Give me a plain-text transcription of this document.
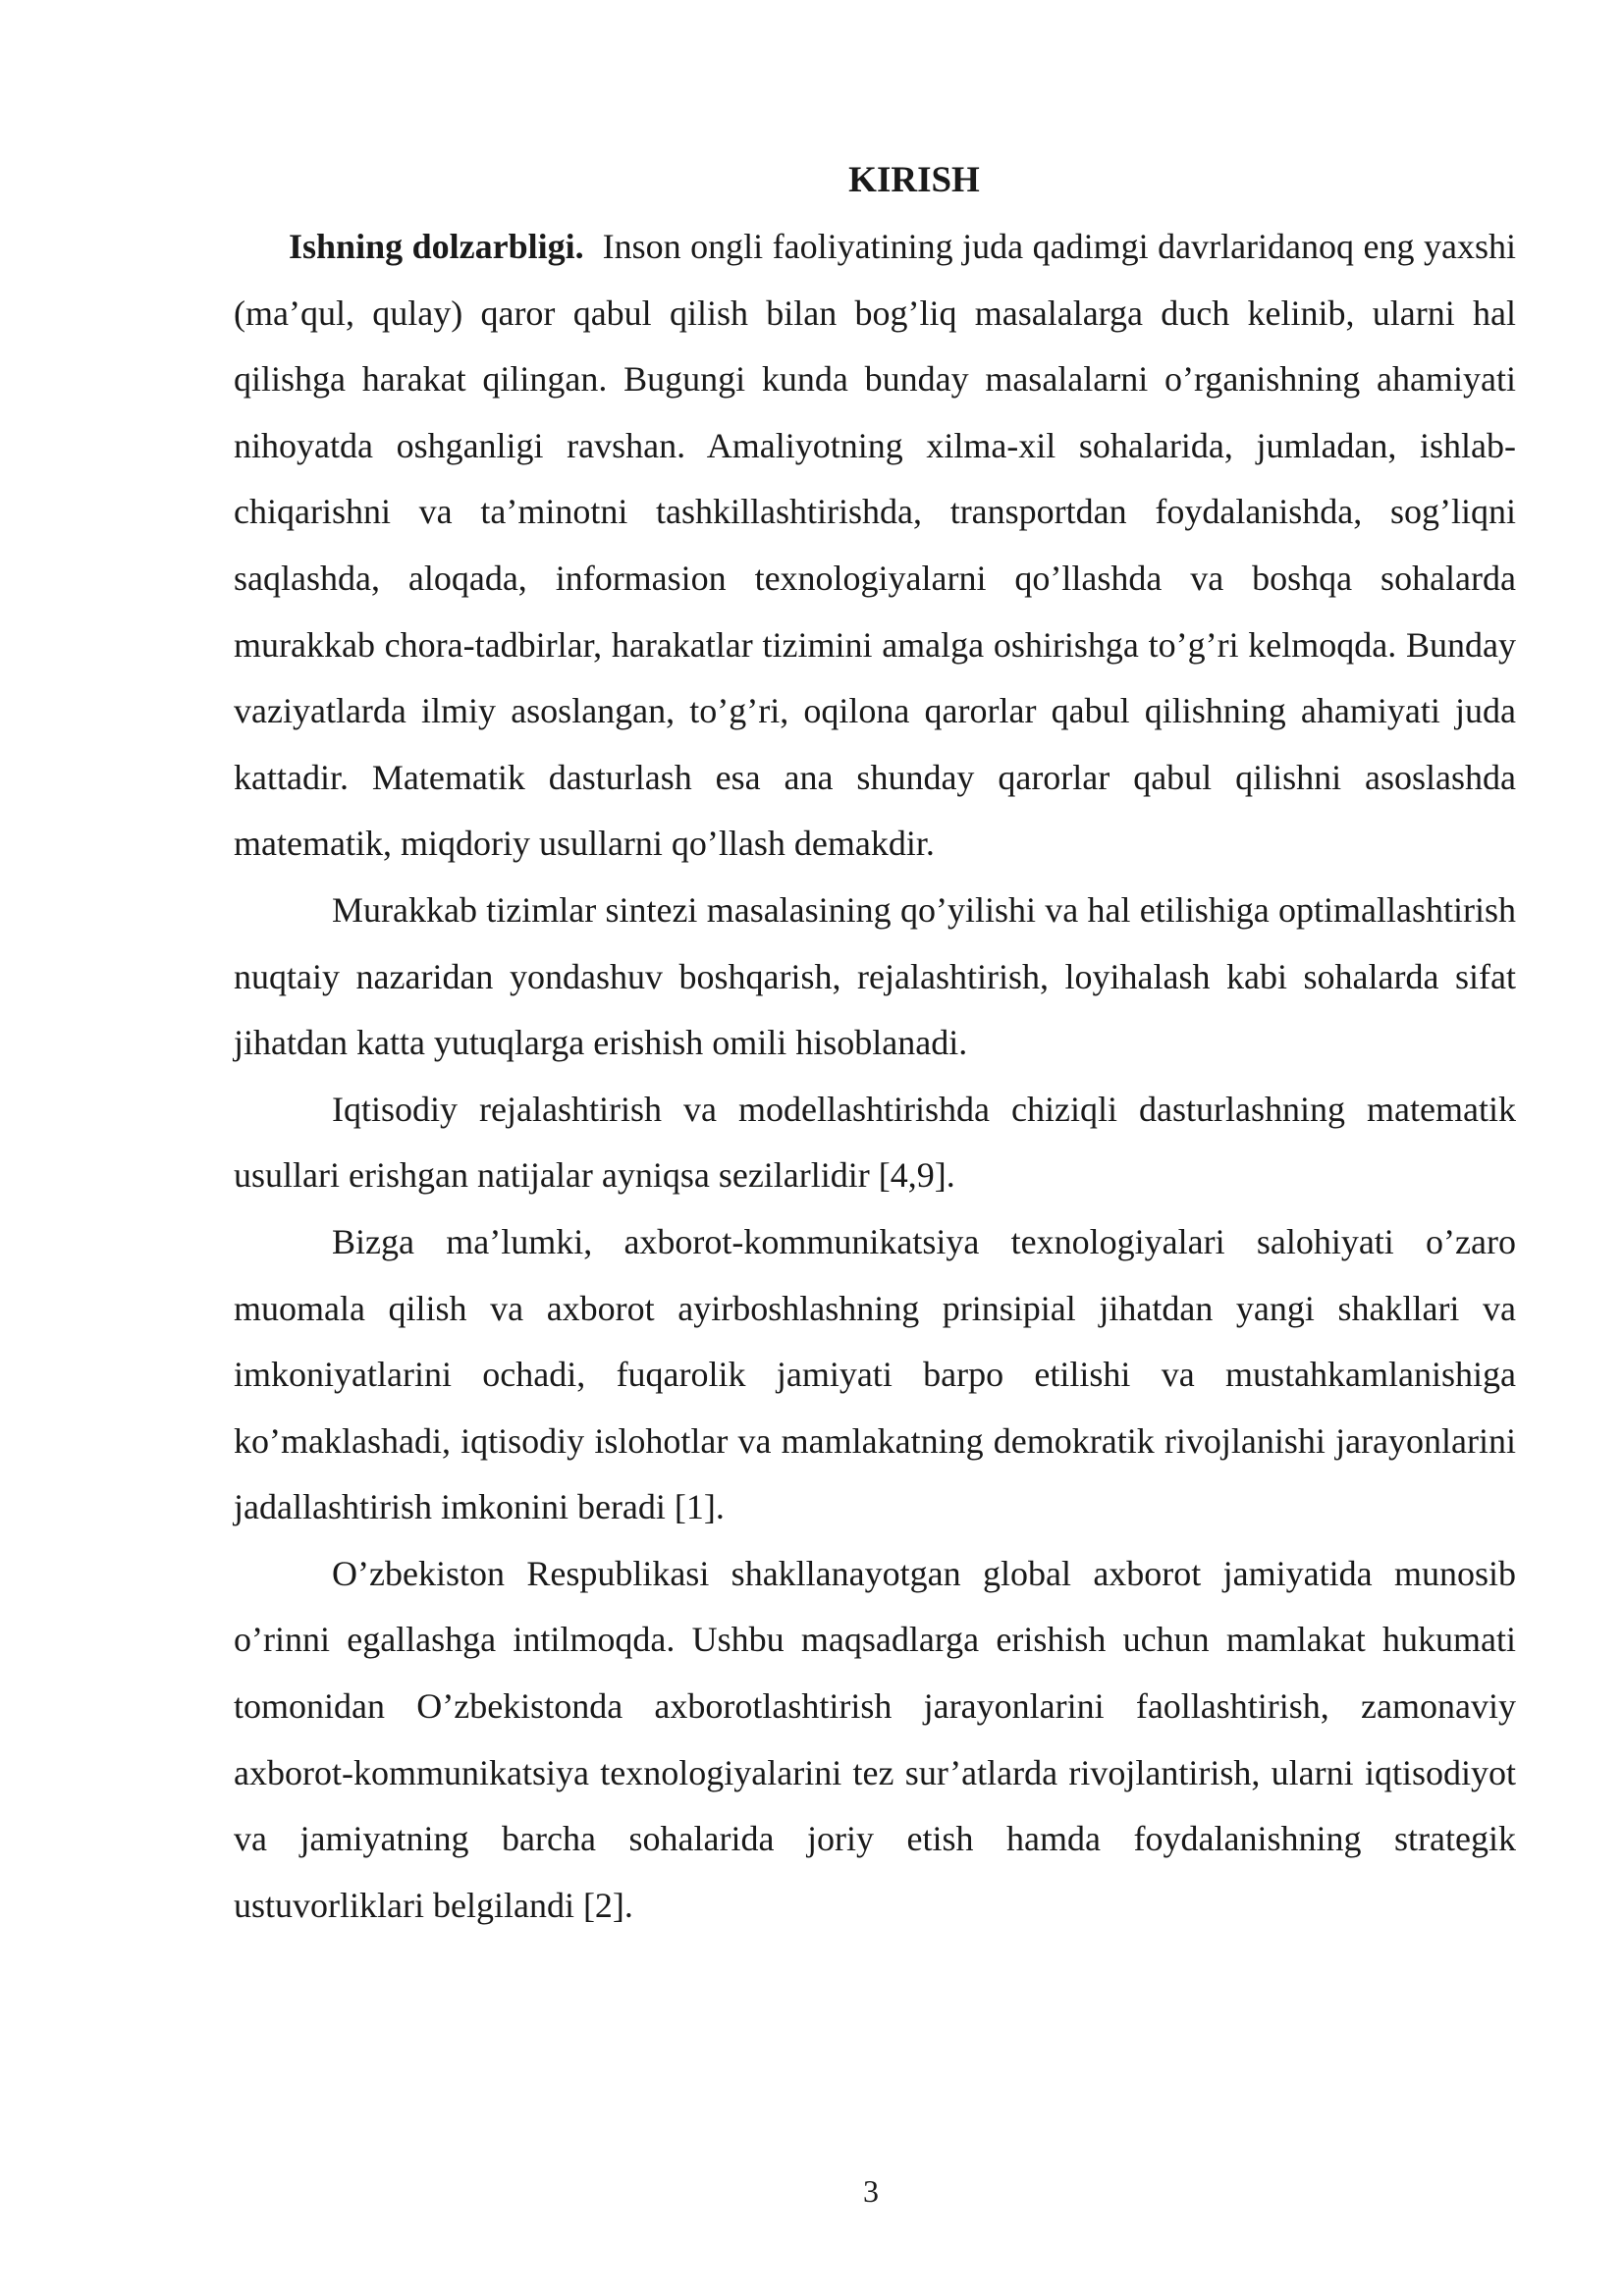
KIRISH

Ishning dolzarbligi. Inson ongli faoliyatining juda qadimgi davrlaridanoq eng yaxshi (ma’qul, qulay) qaror qabul qilish bilan bog’liq masalalarga duch kelinib, ularni hal qilishga harakat qilingan. Bugungi kunda bunday masalalarni o’rganishning ahamiyati nihoyatda oshganligi ravshan. Amaliyotning xilma-xil sohalarida, jumladan, ishlab-chiqarishni va ta’minotni tashkillashtirishda, transportdan foydalanishda, sog’liqni saqlashda, aloqada, informasion texnologiyalarni qo’llashda va boshqa sohalarda murakkab chora-tadbirlar, harakatlar tizimini amalga oshirishga to’g’ri kelmoqda. Bunday vaziyatlarda ilmiy asoslangan, to’g’ri, oqilona qarorlar qabul qilishning ahamiyati juda kattadir. Matematik dasturlash esa ana shunday qarorlar qabul qilishni asoslashda matematik, miqdoriy usullarni qo’llash demakdir.

Murakkab tizimlar sintezi masalasining qo’yilishi va hal etilishiga optimallashtirish nuqtaiy nazaridan yondashuv boshqarish, rejalashtirish, loyihalash kabi sohalarda sifat jihatdan katta yutuqlarga erishish omili hisoblanadi.

Iqtisodiy rejalashtirish va modellashtirishda chiziqli dasturlashning matematik usullari erishgan natijalar ayniqsa sezilarlidir [4,9].

Bizga ma’lumki, axborot-kommunikatsiya texnologiyalari salohiyati o’zaro muomala qilish va axborot ayirboshlashning prinsipial jihatdan yangi shakllari va imkoniyatlarini ochadi, fuqarolik jamiyati barpo etilishi va mustahkamlanishiga ko’maklashadi, iqtisodiy islohotlar va mamlakatning demokratik rivojlanishi jarayonlarini jadallashtirish imkonini beradi [1].

O’zbekiston Respublikasi shakllanayotgan global axborot jamiyatida munosib o’rinni egallashga intilmoqda. Ushbu maqsadlarga erishish uchun mamlakat hukumati tomonidan O’zbekistonda axborotlashtirish jarayonlarini faollashtirish, zamonaviy axborot-kommunikatsiya texnologiyalarini tez sur’atlarda rivojlantirish, ularni iqtisodiyot va jamiyatning barcha sohalarida joriy etish hamda foydalanishning strategik ustuvorliklari belgilandi [2].

3
